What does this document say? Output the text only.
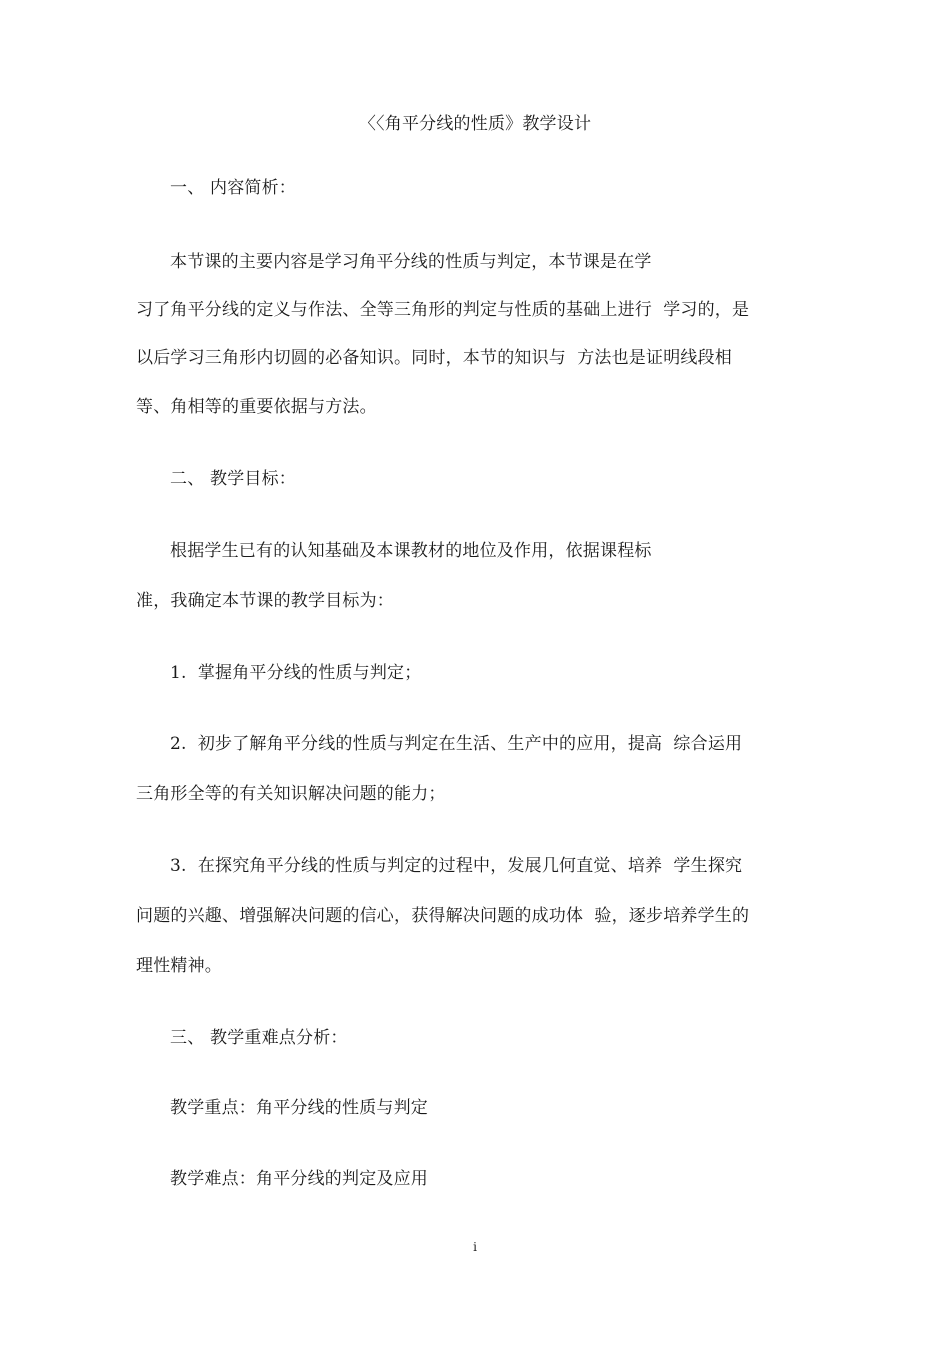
〈〈角平分线的性质》教学设计
一、 内容简析：
本节课的主要内容是学习角平分线的性质与判定，本节课是在学
习了角平分线的定义与作法、全等三角形的判定与性质的基础上进行  学习的，是
以后学习三角形内切圆的必备知识。同时，本节的知识与  方法也是证明线段相
等、角相等的重要依据与方法。
二、 教学目标：
根据学生已有的认知基础及本课教材的地位及作用，依据课程标
准，我确定本节课的教学目标为：
1.  掌握角平分线的性质与判定；
2.  初步了解角平分线的性质与判定在生活、生产中的应用，提高  综合运用
三角形全等的有关知识解决问题的能力；
3.  在探究角平分线的性质与判定的过程中，发展几何直觉、培养  学生探究
问题的兴趣、增强解决问题的信心，获得解决问题的成功体  验，逐步培养学生的
理性精神。
三、 教学重难点分析：
教学重点：角平分线的性质与判定
教学难点：角平分线的判定及应用
i
